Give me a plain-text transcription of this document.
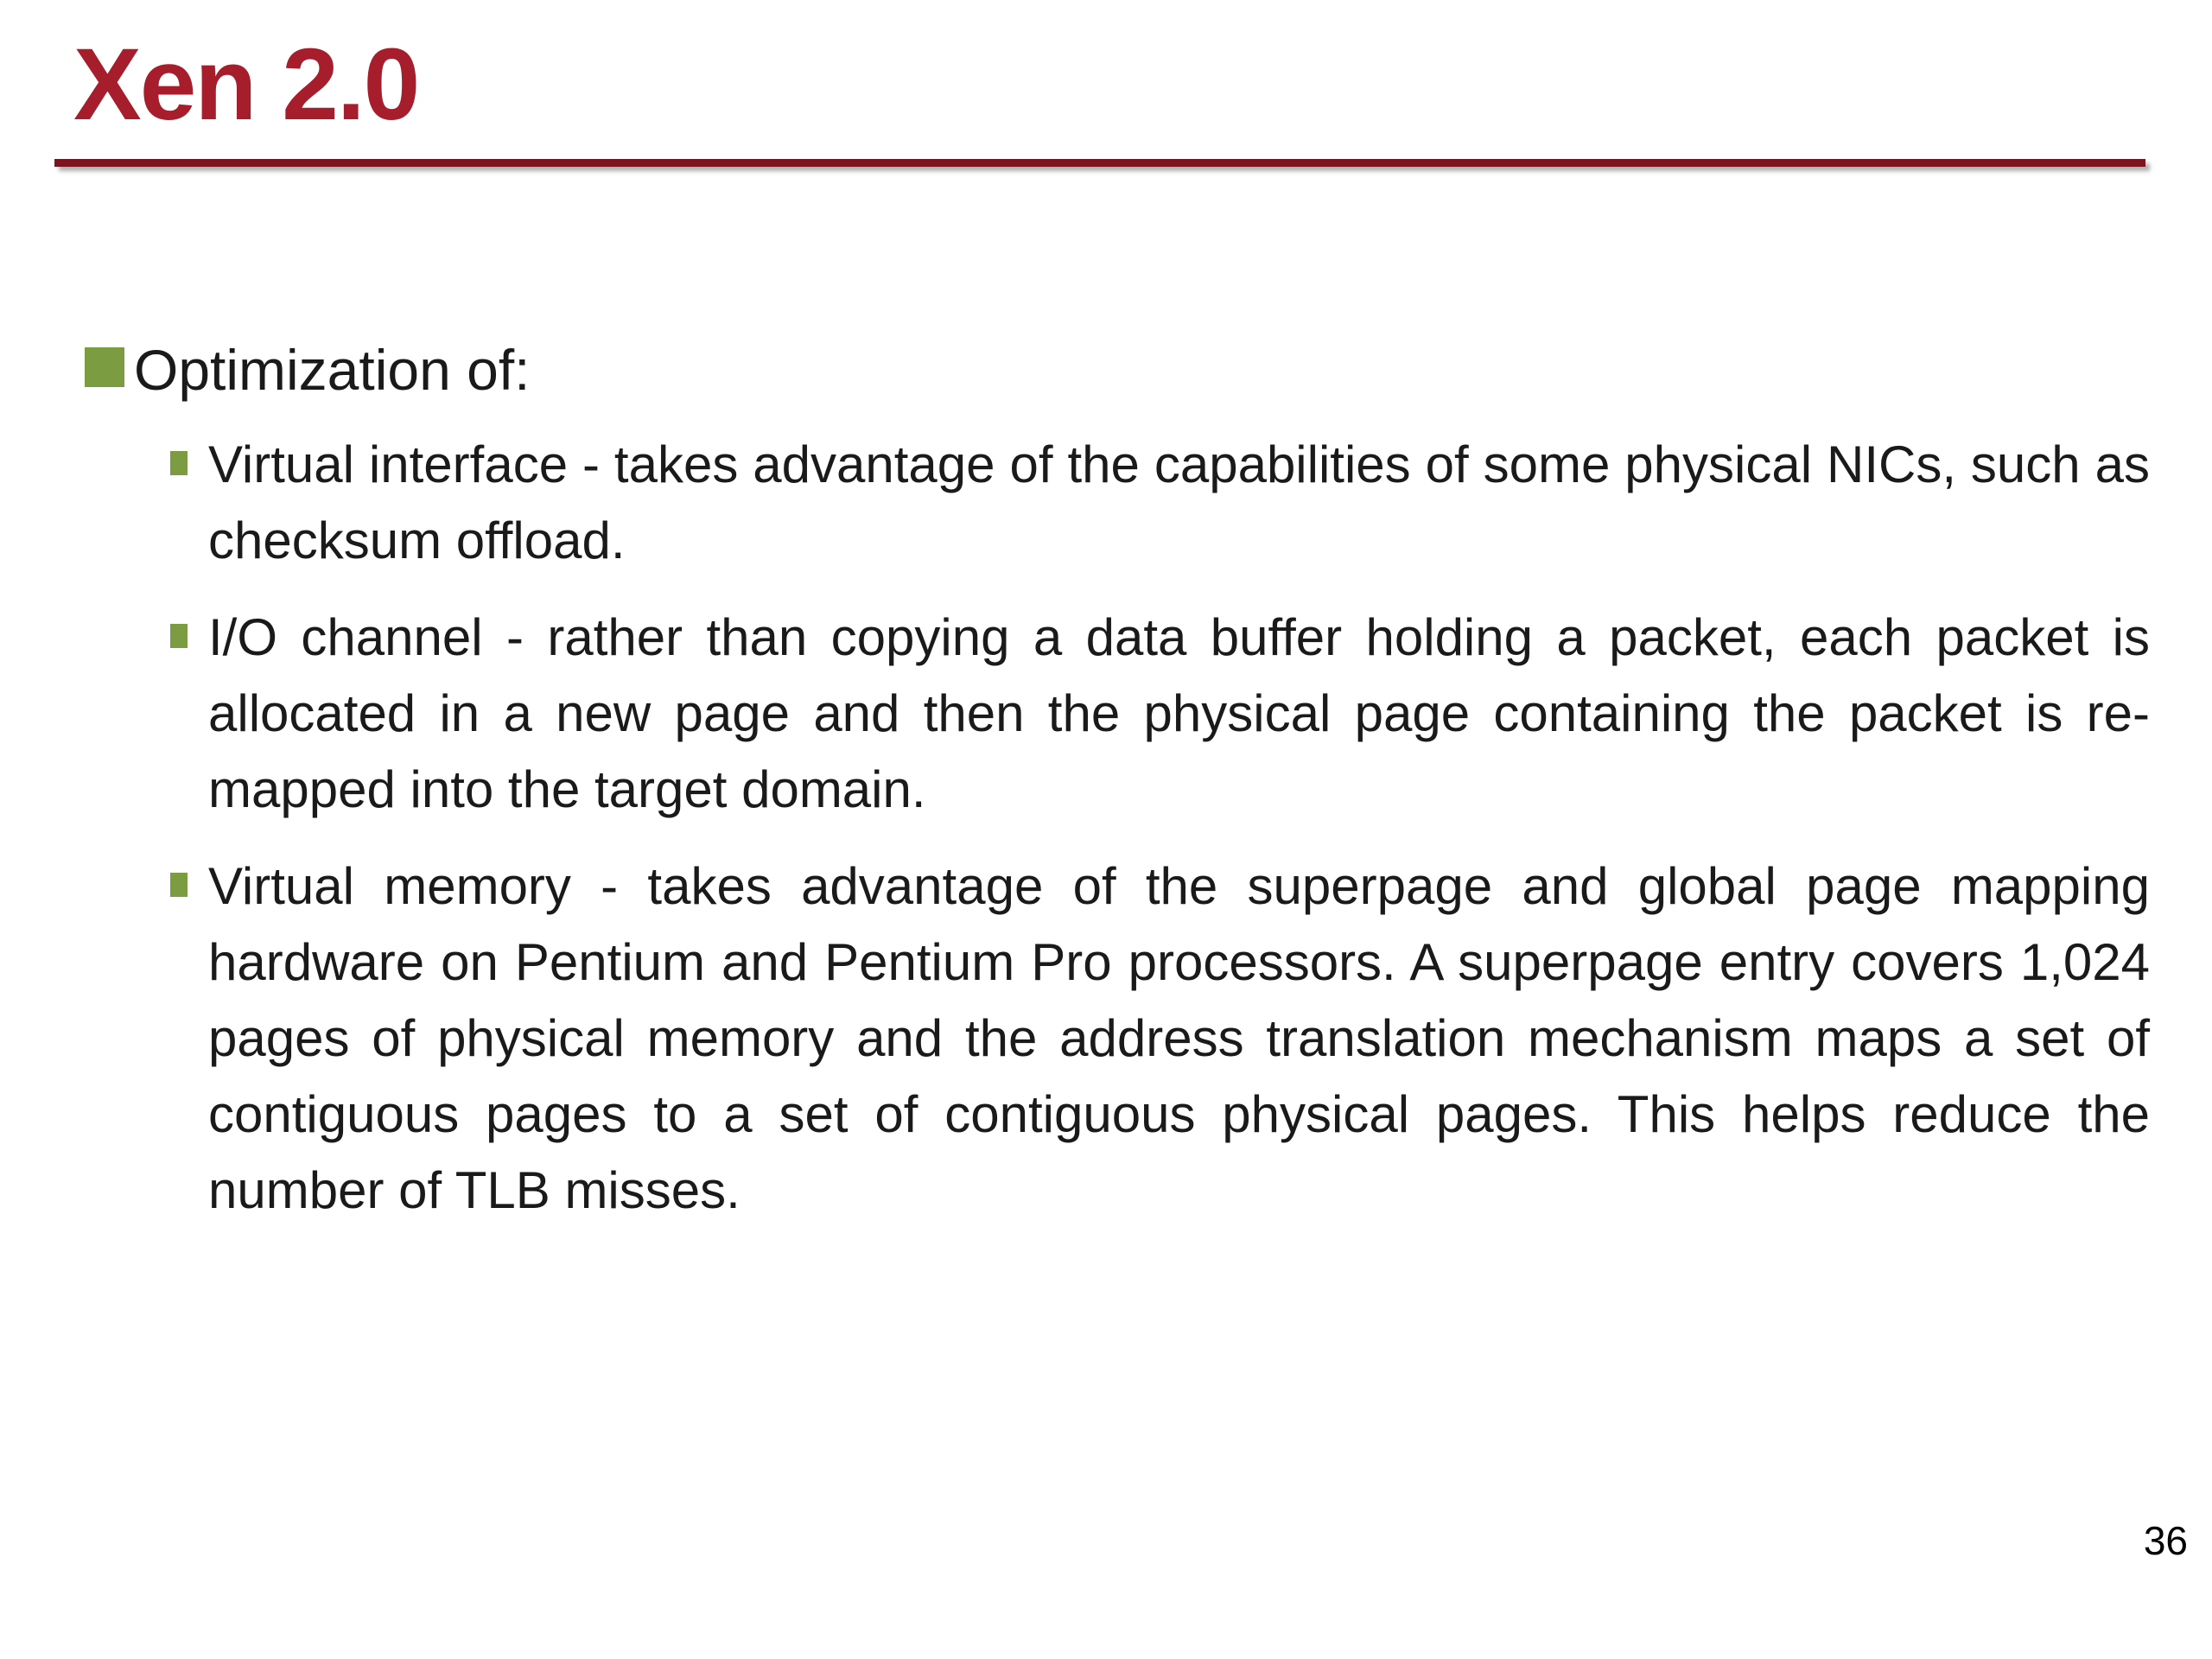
Xen 2.0
Optimization of:
Virtual interface - takes advantage of the capabilities of some physical NICs, such as checksum offload.
I/O channel - rather than copying a data buffer holding a packet, each packet is allocated in a new page and then the physical page containing the packet is re-mapped into the target domain.
Virtual memory - takes advantage of the superpage and global page mapping hardware on Pentium and Pentium Pro processors. A superpage entry covers 1,024 pages of physical memory and the address translation mechanism maps a set of contiguous pages to a set of contiguous physical pages. This helps reduce the number of TLB misses.
36
